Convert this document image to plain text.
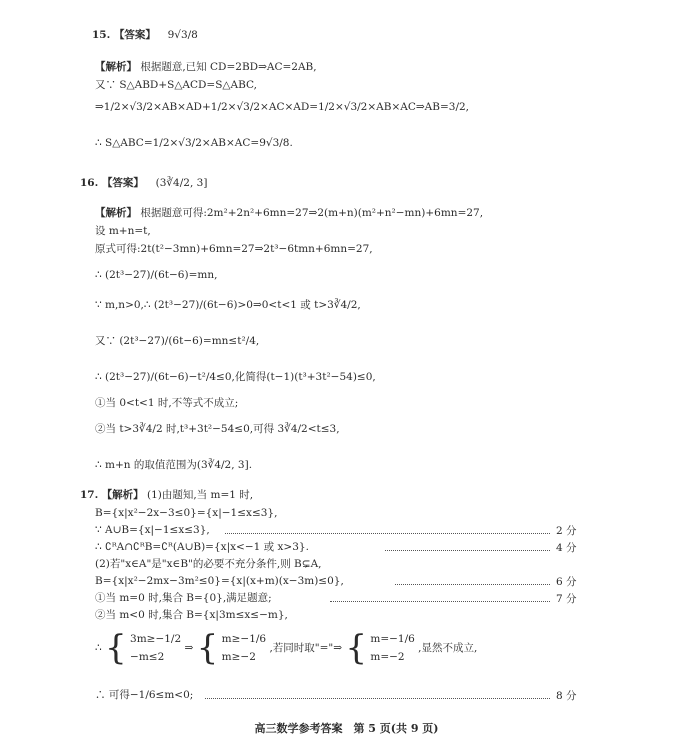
15. 【答案】 9√3/8
【解析】 根据题意,已知 CD=2BD⇒AC=2AB,
又∵ S△ABD+S△ACD=S△ABC,
⇒1/2×√3/2×AB×AD+1/2×√3/2×AC×AD=1/2×√3/2×AB×AC⇒AB=3/2,
∴ S△ABC=1/2×√3/2×AB×AC=9√3/8.
16. 【答案】 (3∛4/2, 3]
【解析】 根据题意可得:2m²+2n²+6mn=27⇒2(m+n)(m²+n²−mn)+6mn=27,
设 m+n=t,
原式可得:2t(t²−3mn)+6mn=27⇒2t³−6tmn+6mn=27,
∴ (2t³−27)/(6t−6)=mn,
∵ m,n>0,∴ (2t³−27)/(6t−6)>0⇒0<t<1 或 t>3∛4/2,
又∵ (2t³−27)/(6t−6)=mn≤t²/4,
∴ (2t³−27)/(6t−6)−t²/4≤0,化简得(t−1)(t³+3t²−54)≤0,
①当 0<t<1 时,不等式不成立;
②当 t>3∛4/2 时,t³+3t²−54≤0,可得 3∛4/2<t≤3,
∴ m+n 的取值范围为(3∛4/2, 3].
17. 【解析】 (1)由题知,当 m=1 时,
B={x|x²−2x−3≤0}={x|−1≤x≤3},
∵ A∪B={x|−1≤x≤3},	2 分
∴ ∁ᴿA∩∁ᴿB=∁ᴿ(A∪B)={x|x<−1 或 x>3}.	4 分
(2)若"x∈A"是"x∈B"的必要不充分条件,则 B⊊A,
B={x|x²−2mx−3m²≤0}={x|(x+m)(x−3m)≤0},	6 分
①当 m=0 时,集合 B={0},满足题意;	7 分
②当 m<0 时,集合 B={x|3m≤x≤−m},
∴ { 3m≥−1/2
−m≤2
⇒ { m≥−1/6
m≥−2
,若同时取"="⇒ { m=−1/6
m=−2
,显然不成立,
∴ 可得−1/6≤m<0;	8 分
高三数学参考答案　第 5 页(共 9 页)
